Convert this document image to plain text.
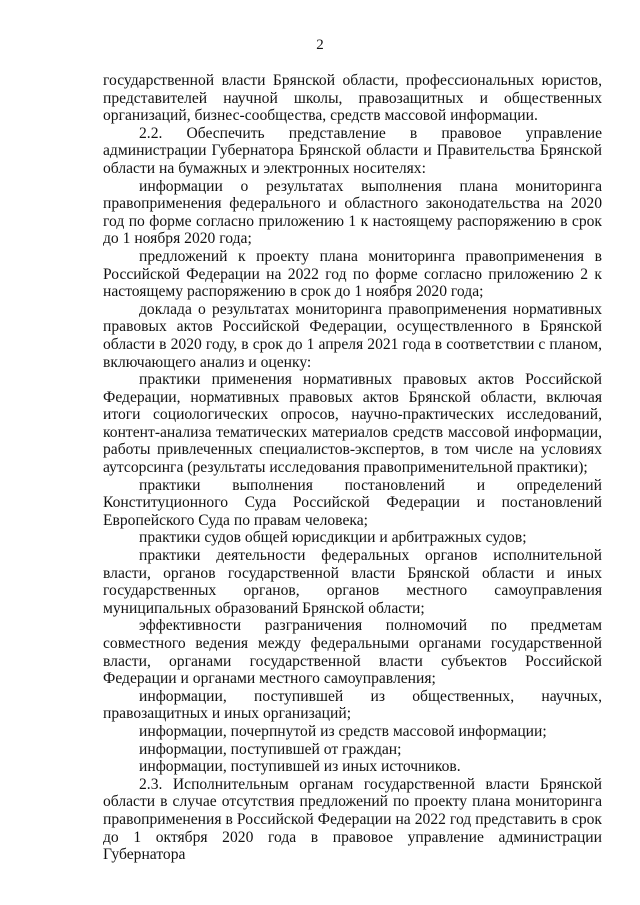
2

государственной власти Брянской области, профессиональных юристов, представителей научной школы, правозащитных и общественных организаций, бизнес-сообщества, средств массовой информации.

2.2. Обеспечить представление в правовое управление администрации Губернатора Брянской области и Правительства Брянской области на бумажных и электронных носителях:

информации о результатах выполнения плана мониторинга правоприменения федерального и областного законодательства на 2020 год по форме согласно приложению 1 к настоящему распоряжению в срок до 1 ноября 2020 года;

предложений к проекту плана мониторинга правоприменения в Российской Федерации на 2022 год по форме согласно приложению 2 к настоящему распоряжению в срок до 1 ноября 2020 года;

доклада о результатах мониторинга правоприменения нормативных правовых актов Российской Федерации, осуществленного в Брянской области в 2020 году, в срок до 1 апреля 2021 года в соответствии с планом, включающего анализ и оценку:

практики применения нормативных правовых актов Российской Федерации, нормативных правовых актов Брянской области, включая итоги социологических опросов, научно-практических исследований, контент-анализа тематических материалов средств массовой информации, работы привлеченных специалистов-экспертов, в том числе на условиях аутсорсинга (результаты исследования правоприменительной практики);

практики выполнения постановлений и определений Конституционного Суда Российской Федерации и постановлений Европейского Суда по правам человека;

практики судов общей юрисдикции и арбитражных судов;

практики деятельности федеральных органов исполнительной власти, органов государственной власти Брянской области и иных государственных органов, органов местного самоуправления муниципальных образований Брянской области;

эффективности разграничения полномочий по предметам совместного ведения между федеральными органами государственной власти, органами государственной власти субъектов Российской Федерации и органами местного самоуправления;

информации, поступившей из общественных, научных, правозащитных и иных организаций;

информации, почерпнутой из средств массовой информации;

информации, поступившей от граждан;

информации, поступившей из иных источников.

2.3. Исполнительным органам государственной власти Брянской области в случае отсутствия предложений по проекту плана мониторинга правоприменения в Российской Федерации на 2022 год представить в срок до 1 октября 2020 года в правовое управление администрации Губернатора
